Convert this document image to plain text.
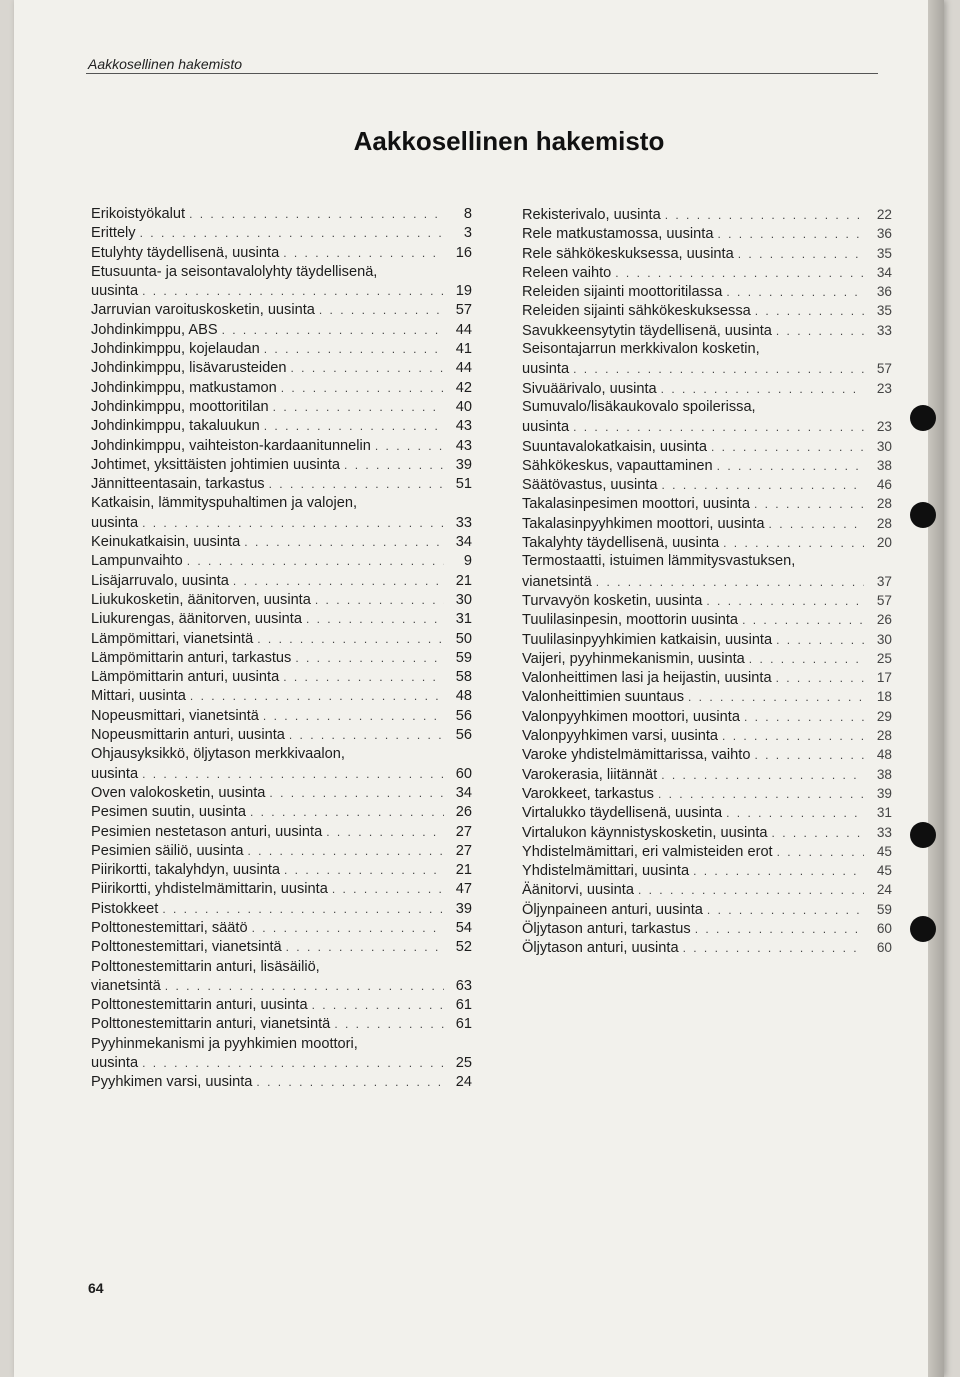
Aakkosellinen hakemisto
Aakkosellinen hakemisto
Erikoistyökalut . . .	8
Erittely . . .	3
Etulyhty täydellisenä, uusinta . . .	16
Etusuunta- ja seisontavalolyhty täydellisenä,
uusinta . . .	19
Jarruvian varoituskosketin, uusinta . . .	57
Johdinkimppu, ABS . . .	44
Johdinkimppu, kojelaudan . . .	41
Johdinkimppu, lisävarusteiden . . .	44
Johdinkimppu, matkustamon . . .	42
Johdinkimppu, moottoritilan . . .	40
Johdinkimppu, takaluukun . . .	43
Johdinkimppu, vaihteiston-kardaanitunnelin . . .	43
Johtimet, yksittäisten johtimien uusinta . . .	39
Jännitteentasain, tarkastus . . .	51
Katkaisin, lämmityspuhaltimen ja valojen,
uusinta . . .	33
Keinukatkaisin, uusinta . . .	34
Lampunvaihto . . .	9
Lisäjarruvalo, uusinta . . .	21
Liukukosketin, äänitorven, uusinta . . .	30
Liukurengas, äänitorven, uusinta . . .	31
Lämpömittari, vianetsintä . . .	50
Lämpömittarin anturi, tarkastus . . .	59
Lämpömittarin anturi, uusinta . . .	58
Mittari, uusinta . . .	48
Nopeusmittari, vianetsintä . . .	56
Nopeusmittarin anturi, uusinta . . .	56
Ohjausyksikkö, öljytason merkkivaalon,
uusinta . . .	60
Oven valokosketin, uusinta . . .	34
Pesimen suutin, uusinta . . .	26
Pesimien nestetason anturi, uusinta . . .	27
Pesimien säiliö, uusinta . . .	27
Piirikortti, takalyhdyn, uusinta . . .	21
Piirikortti, yhdistelmämittarin, uusinta . . .	47
Pistokkeet . . .	39
Polttonestemittari, säätö . . .	54
Polttonestemittari, vianetsintä . . .	52
Polttonestemittarin anturi, lisäsäiliö,
vianetsintä . . .	63
Polttonestemittarin anturi, uusinta . . .	61
Polttonestemittarin anturi, vianetsintä . . .	61
Pyyhinmekanismi ja pyyhkimien moottori,
uusinta . . .	25
Pyyhkimen varsi, uusinta . . .	24
Rekisterivalo, uusinta . . .	22
Rele matkustamossa, uusinta . . .	36
Rele sähkökeskuksessa, uusinta . . .	35
Releen vaihto . . .	34
Releiden sijainti moottoritilassa . . .	36
Releiden sijainti sähkökeskuksessa . . .	35
Savukkeensytytin täydellisenä, uusinta . . .	33
Seisontajarrun merkkivalon kosketin,
uusinta . . .	57
Sivuäärivalo, uusinta . . .	23
Sumuvalo/lisäkaukovalo spoilerissa,
uusinta . . .	23
Suuntavalokatkaisin, uusinta . . .	30
Sähkökeskus, vapauttaminen . . .	38
Säätövastus, uusinta . . .	46
Takalasinpesimen moottori, uusinta . . .	28
Takalasinpyyhkimen moottori, uusinta . . .	28
Takalyhty täydellisenä, uusinta . . .	20
Termostaatti, istuimen lämmitysvastuksen,
vianetsintä . . .	37
Turvavyön kosketin, uusinta . . .	57
Tuulilasinpesin, moottorin uusinta . . .	26
Tuulilasinpyyhkimien katkaisin, uusinta . . .	30
Vaijeri, pyyhinmekanismin, uusinta . . .	25
Valonheittimen lasi ja heijastin, uusinta . . .	17
Valonheittimien suuntaus . . .	18
Valonpyyhkimen moottori, uusinta . . .	29
Valonpyyhkimen varsi, uusinta . . .	28
Varoke yhdistelmämittarissa, vaihto . . .	48
Varokerasia, liitännät . . .	38
Varokkeet, tarkastus . . .	39
Virtalukko täydellisenä, uusinta . . .	31
Virtalukon käynnistyskosketin, uusinta . . .	33
Yhdistelmämittari, eri valmisteiden erot . . .	45
Yhdistelmämittari, uusinta . . .	45
Äänitorvi, uusinta . . .	24
Öljynpaineen anturi, uusinta . . .	59
Öljytason anturi, tarkastus . . .	60
Öljytason anturi, uusinta . . .	60
64
